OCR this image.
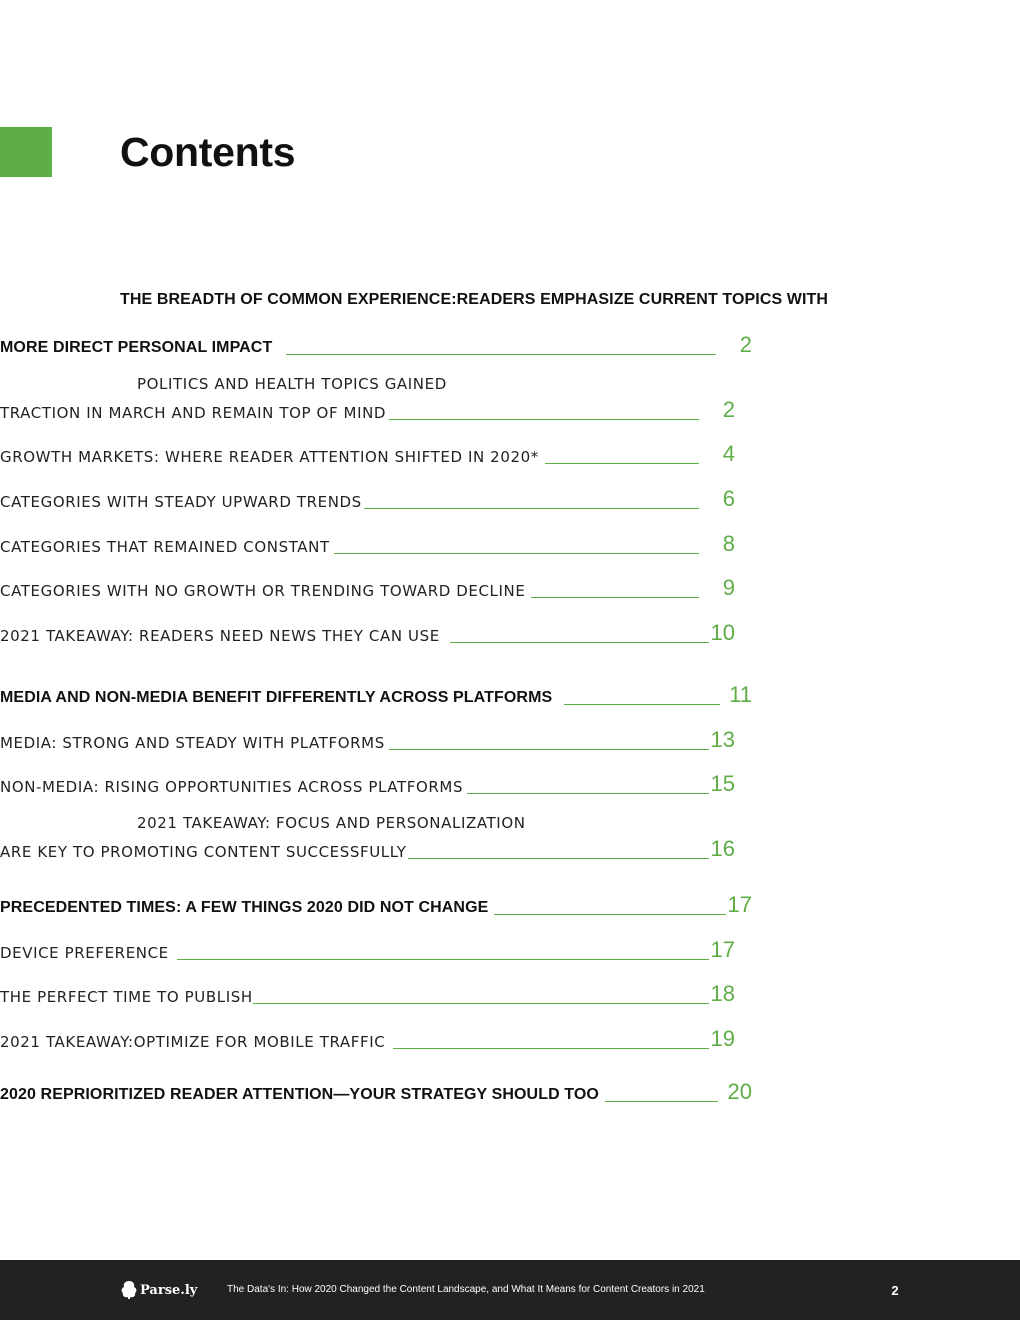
Contents
THE BREADTH OF COMMON EXPERIENCE:READERS EMPHASIZE CURRENT TOPICS WITH
MORE DIRECT PERSONAL IMPACT	2
POLITICS AND HEALTH TOPICS GAINED
TRACTION IN MARCH AND REMAIN TOP OF MIND	2
GROWTH MARKETS: WHERE READER ATTENTION SHIFTED IN 2020*	4
CATEGORIES WITH STEADY UPWARD TRENDS	6
CATEGORIES THAT REMAINED CONSTANT	8
CATEGORIES WITH NO GROWTH OR TRENDING TOWARD DECLINE	9
2021 TAKEAWAY: READERS NEED NEWS THEY CAN USE	10
MEDIA AND NON-MEDIA BENEFIT DIFFERENTLY ACROSS PLATFORMS	11
MEDIA: STRONG AND STEADY WITH PLATFORMS	13
NON-MEDIA: RISING OPPORTUNITIES ACROSS PLATFORMS	15
2021 TAKEAWAY: FOCUS AND PERSONALIZATION
ARE KEY TO PROMOTING CONTENT SUCCESSFULLY	16
PRECEDENTED TIMES: A FEW THINGS 2020 DID NOT CHANGE	17
DEVICE PREFERENCE	17
THE PERFECT TIME TO PUBLISH	18
2021 TAKEAWAY:OPTIMIZE FOR MOBILE TRAFFIC	19
2020 REPRIORITIZED READER ATTENTION—YOUR STRATEGY SHOULD TOO	20
Parse.ly	The Data's In: How 2020 Changed the Content Landscape, and What It Means for Content Creators in 2021	2
